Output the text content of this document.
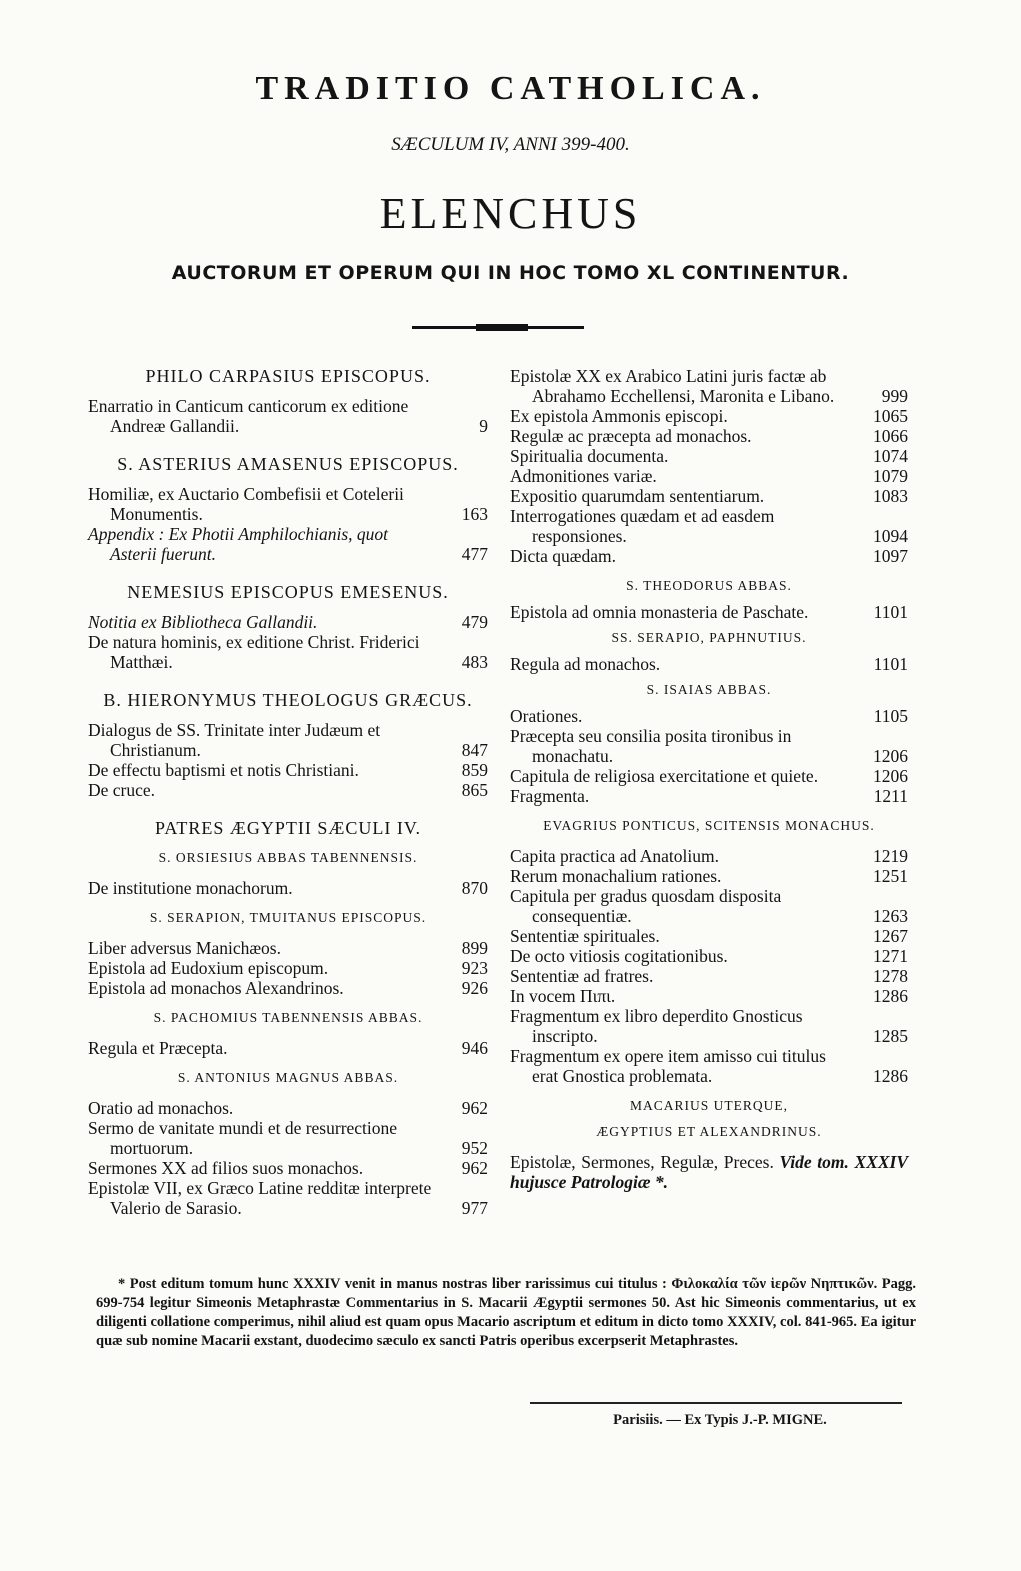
TRADITIO CATHOLICA.
SÆCULUM IV, ANNI 399-400.
ELENCHUS
AUCTORUM ET OPERUM QUI IN HOC TOMO XL CONTINENTUR.
PHILO CARPASIUS EPISCOPUS.
Enarratio in Canticum canticorum ex editione Andreæ Gallandii.	9
S. ASTERIUS AMASENUS EPISCOPUS.
Homiliæ, ex Auctario Combefisii et Cotelerii Monumentis.	163
Appendix : Ex Photii Amphilochianis, quot Asterii fuerunt.	477
NEMESIUS EPISCOPUS EMESENUS.
Notitia ex Bibliotheca Gallandii.	479
De natura hominis, ex editione Christ. Friderici Matthæi.	483
B. HIERONYMUS THEOLOGUS GRÆCUS.
Dialogus de SS. Trinitate inter Judæum et Christianum.	847
De effectu baptismi et notis Christiani.	859
De cruce.	865
PATRES ÆGYPTII SÆCULI IV.
S. ORSIESIUS ABBAS TABENNENSIS.
De institutione monachorum.	870
S. SERAPION, TMUITANUS EPISCOPUS.
Liber adversus Manichæos.	899
Epistola ad Eudoxium episcopum.	923
Epistola ad monachos Alexandrinos.	926
S. PACHOMIUS TABENNENSIS ABBAS.
Regula et Præcepta.	946
S. ANTONIUS MAGNUS ABBAS.
Oratio ad monachos.	962
Sermo de vanitate mundi et de resurrectione mortuorum.	952
Sermones XX ad filios suos monachos.	962
Epistolæ VII, ex Græco Latine redditæ interprete Valerio de Sarasio.	977
Epistolæ XX ex Arabico Latini juris factæ ab Abrahamo Ecchellensi, Maronita e Libano.	999
Ex epistola Ammonis episcopi.	1065
Regulæ ac præcepta ad monachos.	1066
Spiritualia documenta.	1074
Admonitiones variæ.	1079
Expositio quarumdam sententiarum.	1083
Interrogationes quædam et ad easdem responsiones.	1094
Dicta quædam.	1097
S. THEODORUS ABBAS.
Epistola ad omnia monasteria de Paschate.	1101
SS. SERAPIO, PAPHNUTIUS.
Regula ad monachos.	1101
S. ISAIAS ABBAS.
Orationes.	1105
Præcepta seu consilia posita tironibus in monachatu.	1206
Capitula de religiosa exercitatione et quiete.	1206
Fragmenta.	1211
EVAGRIUS PONTICUS, SCITENSIS MONACHUS.
Capita practica ad Anatolium.	1219
Rerum monachalium rationes.	1251
Capitula per gradus quosdam disposita consequentiæ.	1263
Sententiæ spirituales.	1267
De octo vitiosis cogitationibus.	1271
Sententiæ ad fratres.	1278
In vocem Πιπι.	1286
Fragmentum ex libro deperdito Gnosticus inscripto.	1285
Fragmentum ex opere item amisso cui titulus erat Gnostica problemata.	1286
MACARIUS UTERQUE,
ÆGYPTIUS ET ALEXANDRINUS.
Epistolæ, Sermones, Regulæ, Preces. Vide tom. XXXIV hujusce Patrologiæ *.
* Post editum tomum hunc XXXIV venit in manus nostras liber rarissimus cui titulus : Φιλοκαλία τῶν ἱερῶν Νηπτικῶν. Pagg. 699-754 legitur Simeonis Metaphrastæ Commentarius in S. Macarii Ægyptii sermones 50. Ast hic Simeonis commentarius, ut ex diligenti collatione comperimus, nihil aliud est quam opus Macario ascriptum et editum in dicto tomo XXXIV, col. 841-965. Ea igitur quæ sub nomine Macarii exstant, duodecimo sæculo ex sancti Patris operibus excerpserit Metaphrastes.
Parisiis. — Ex Typis J.-P. MIGNE.
